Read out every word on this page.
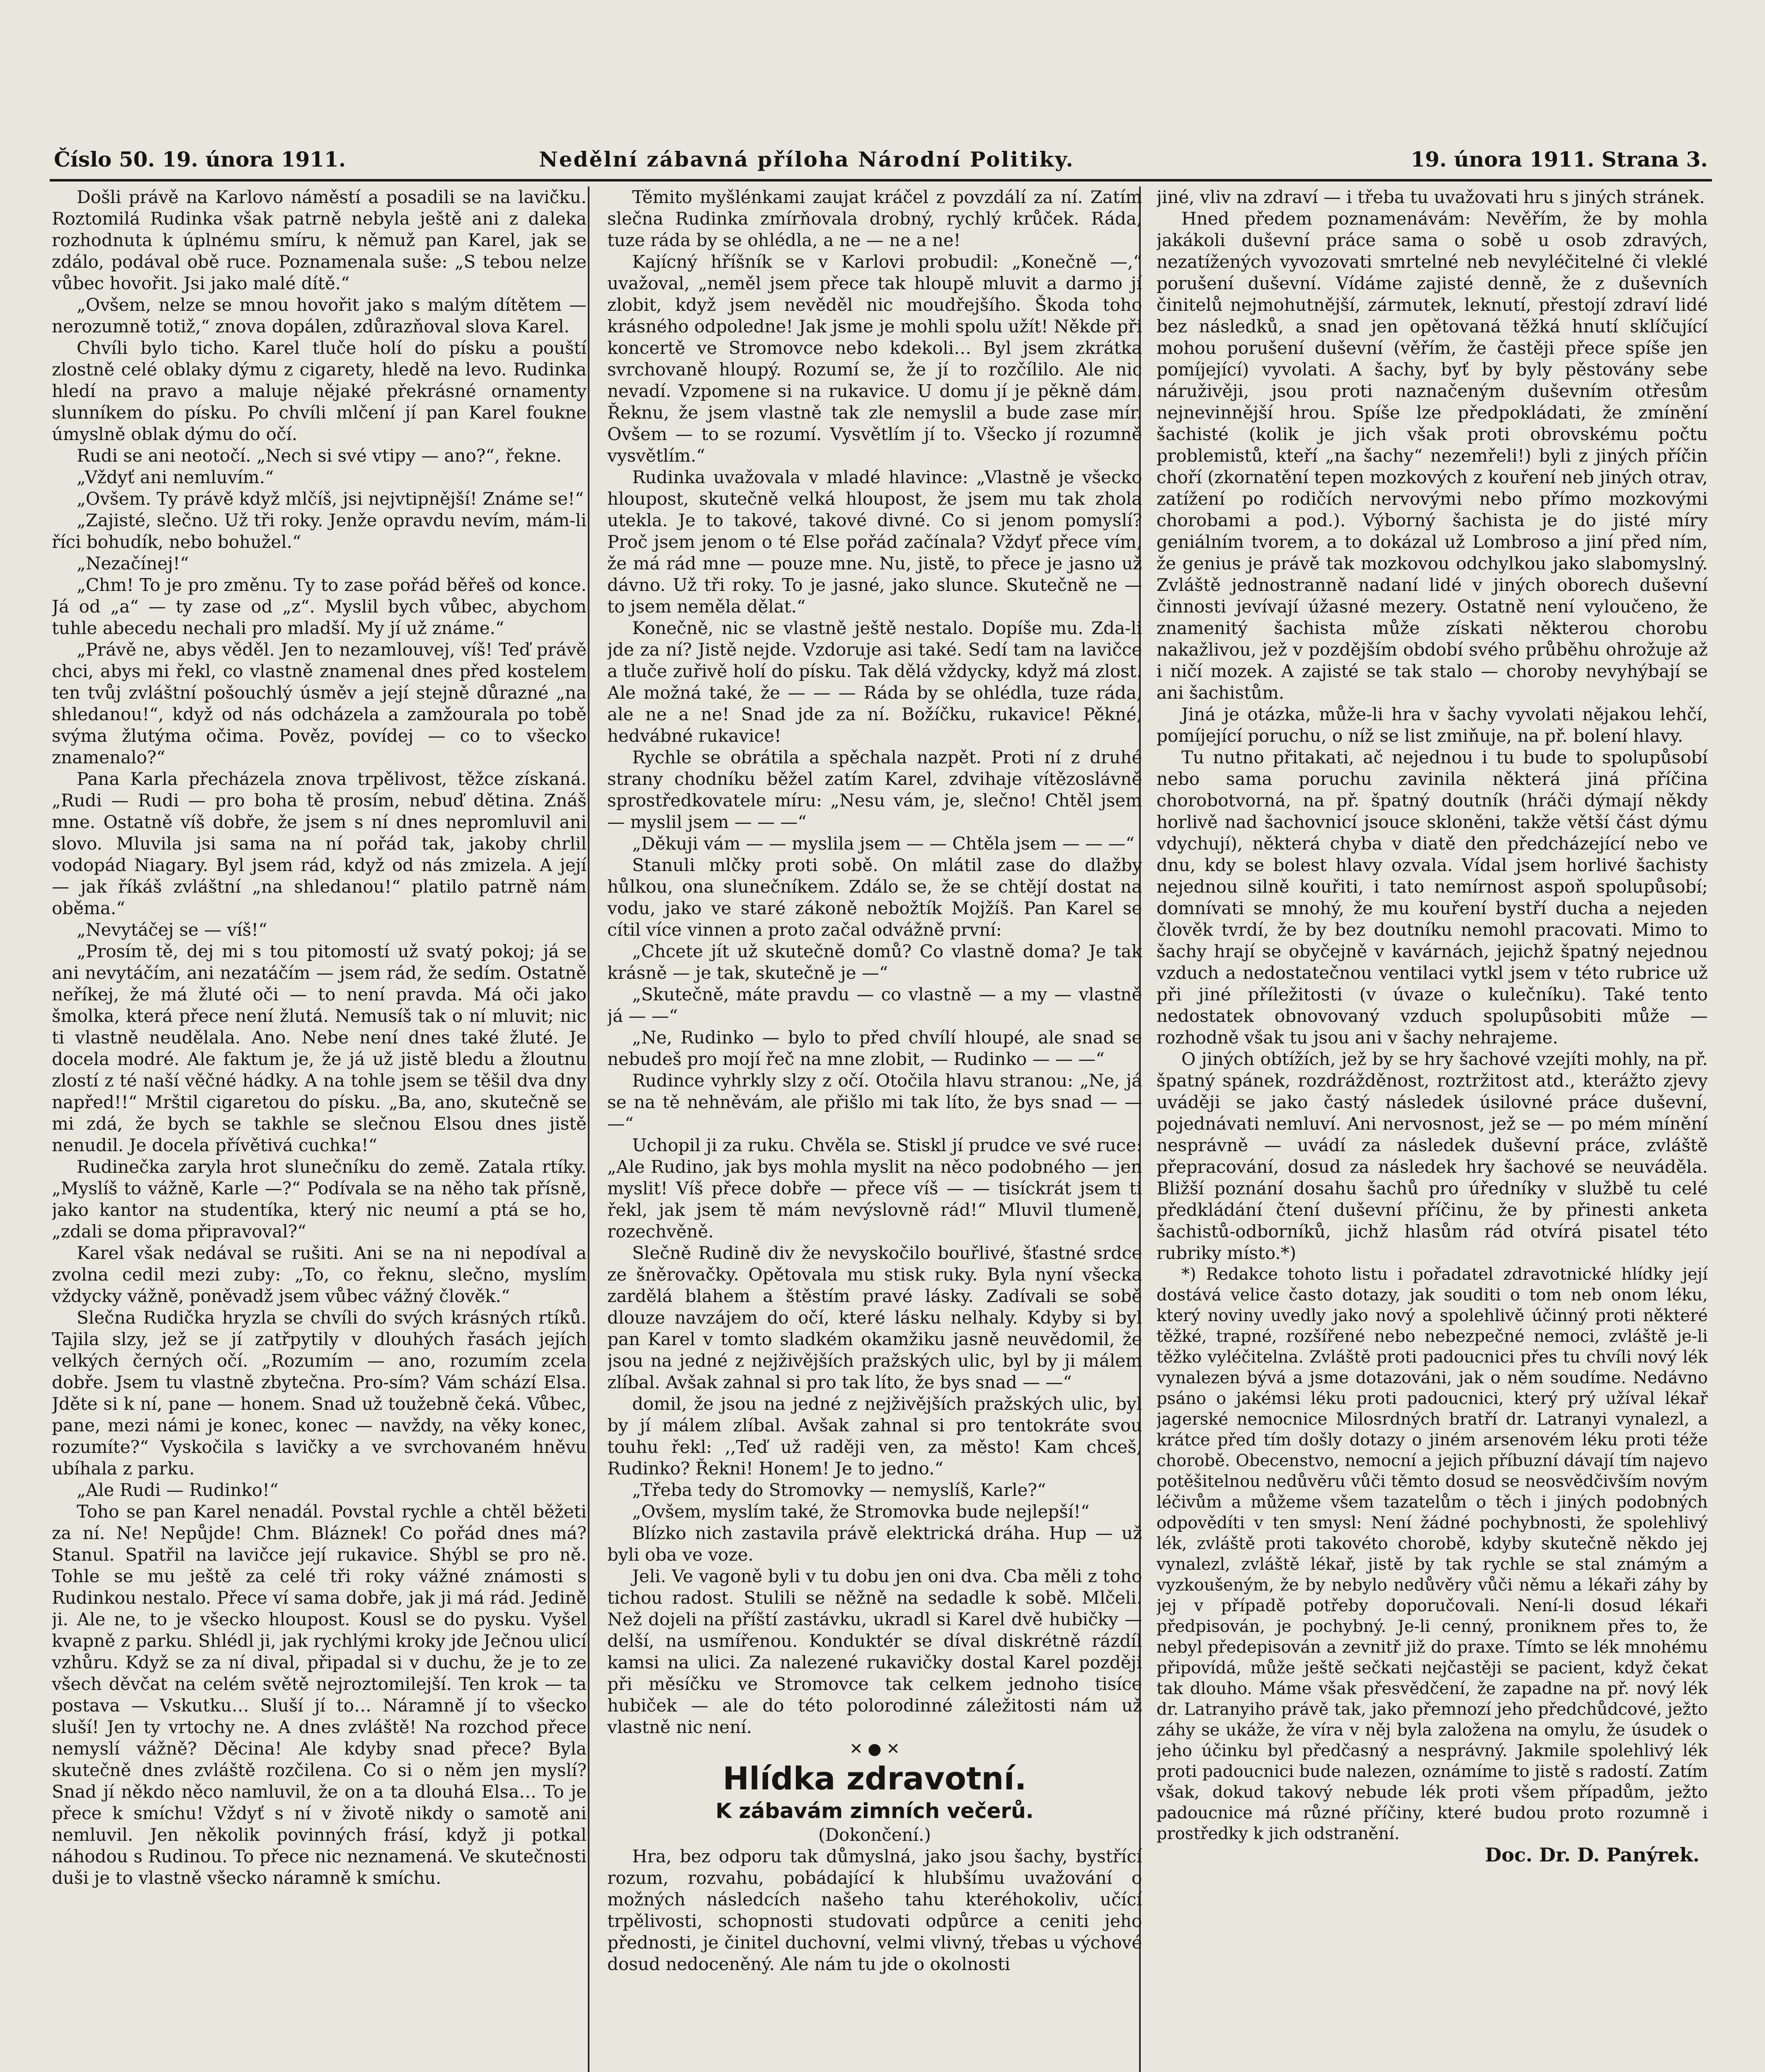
Číslo 50. 19. února 1911.	Nedělní zábavná příloha Národní Politiky.	19. února 1911. Strana 3.

Došli právě na Karlovo náměstí a posadili se na lavičku. Roztomilá Rudinka však patrně nebyla ještě ani z daleka rozhodnuta k úplnému smíru, k němuž pan Karel, jak se zdálo, podával obě ruce. Poznamenala suše: „S tebou nelze vůbec hovořit. Jsi jako malé dítě.“

„Ovšem, nelze se mnou hovořit jako s malým dítětem — nerozumně totiž,“ znova dopálen, zdůrazňoval slova Karel.

Chvíli bylo ticho. Karel tluče holí do písku a pouští zlostně celé oblaky dýmu z cigarety, hledě na levo. Rudinka hledí na pravo a maluje nějaké překrásné ornamenty slunníkem do písku. Po chvíli mlčení jí pan Karel foukne úmyslně oblak dýmu do očí.

Rudi se ani neotočí. „Nech si své vtipy — ano?“, řekne.

„Vždyť ani nemluvím.“

„Ovšem. Ty právě když mlčíš, jsi nejvtipnější! Známe se!“

„Zajisté, slečno. Už tři roky. Jenže opravdu nevím, mám-li říci bohudík, nebo bohužel.“

„Nezačínej!“

„Chm! To je pro změnu. Ty to zase pořád běřeš od konce. Já od „a“ — ty zase od „z“. Myslil bych vůbec, abychom tuhle abecedu nechali pro mladší. My jí už známe.“

„Právě ne, abys věděl. Jen to nezamlouvej, víš! Teď právě chci, abys mi řekl, co vlastně znamenal dnes před kostelem ten tvůj zvláštní pošouchlý úsměv a její stejně důrazné „na shledanou!“, když od nás odcházela a zamžourala po tobě svýma žlutýma očima. Pověz, povídej — co to všecko znamenalo?“

Pana Karla přecházela znova trpělivost, těžce získaná. „Rudi — Rudi — pro boha tě prosím, nebuď dětina. Znáš mne. Ostatně víš dobře, že jsem s ní dnes nepromluvil ani slovo. Mluvila jsi sama na ní pořád tak, jakoby chrlil vodopád Niagary. Byl jsem rád, když od nás zmizela. A její — jak říkáš zvláštní „na shledanou!“ platilo patrně nám oběma.“

„Nevytáčej se — víš!“

„Prosím tě, dej mi s tou pitomostí už svatý pokoj; já se ani nevytáčím, ani nezatáčím — jsem rád, že sedím. Ostatně neříkej, že má žluté oči — to není pravda. Má oči jako šmolka, která přece není žlutá. Nemusíš tak o ní mluvit; nic ti vlastně neudělala. Ano. Nebe není dnes také žluté. Je docela modré. Ale faktum je, že já už jistě bledu a žloutnu zlostí z té naší věčné hádky. A na tohle jsem se těšil dva dny napřed!!“ Mrštil cigaretou do písku. „Ba, ano, skutečně se mi zdá, že bych se takhle se slečnou Elsou dnes jistě nenudil. Je docela přívětivá cuchka!“

Rudinečka zaryla hrot slunečníku do země. Zatala rtíky. „Myslíš to vážně, Karle —?“ Podívala se na něho tak přísně, jako kantor na studentíka, který nic neumí a ptá se ho, „zdali se doma připravoval?“

Karel však nedával se rušiti. Ani se na ni nepodíval a zvolna cedil mezi zuby: „To, co řeknu, slečno, myslím vždycky vážně, poněvadž jsem vůbec vážný člověk.“

Slečna Rudička hryzla se chvíli do svých krásných rtíků. Tajila slzy, jež se jí zatřpytily v dlouhých řasách jejích velkých černých očí. „Rozumím — ano, rozumím zcela dobře. Jsem tu vlastně zbytečna. Pro-sím? Vám schází Elsa. Jděte si k ní, pane — honem. Snad už toužebně čeká. Vůbec, pane, mezi námi je konec, konec — navždy, na věky konec, rozumíte?“ Vyskočila s lavičky a ve svrchovaném hněvu ubíhala z parku.

„Ale Rudi — Rudinko!“

Toho se pan Karel nenadál. Povstal rychle a chtěl běžeti za ní. Ne! Nepůjde! Chm. Bláznek! Co pořád dnes má? Stanul. Spatřil na lavičce její rukavice. Shýbl se pro ně. Tohle se mu ještě za celé tři roky vážné známosti s Rudinkou nestalo. Přece ví sama dobře, jak ji má rád. Jedině ji. Ale ne, to je všecko hloupost. Kousl se do pysku. Vyšel kvapně z parku. Shlédl ji, jak rychlými kroky jde Ječnou ulicí vzhůru. Když se za ní dival, připadal si v duchu, že je to ze všech děvčat na celém světě nejroztomilejší. Ten krok — ta postava — Vskutku… Sluší jí to… Náramně jí to všecko sluší! Jen ty vrtochy ne. A dnes zvláště! Na rozchod přece nemyslí vážně? Děcina! Ale kdyby snad přece? Byla skutečně dnes zvláště rozčilena. Co si o něm jen myslí? Snad jí někdo něco namluvil, že on a ta dlouhá Elsa… To je přece k smíchu! Vždyť s ní v životě nikdy o samotě ani nemluvil. Jen několik povinných frásí, když ji potkal náhodou s Rudinou. To přece nic neznamená. Ve skutečnosti duši je to vlastně všecko náramně k smíchu.

Těmito myšlénkami zaujat kráčel z povzdálí za ní. Zatím slečna Rudinka zmírňovala drobný, rychlý krůček. Ráda, tuze ráda by se ohlédla, a ne — ne a ne!

Kajícný hříšník se v Karlovi probudil: „Konečně —,“ uvažoval, „neměl jsem přece tak hloupě mluvit a darmo jí zlobit, když jsem nevěděl nic moudřejšího. Škoda toho krásného odpoledne! Jak jsme je mohli spolu užít! Někde při koncertě ve Stromovce nebo kdekoli… Byl jsem zkrátka svrchovaně hloupý. Rozumí se, že jí to rozčílilo. Ale nic nevadí. Vzpomene si na rukavice. U domu jí je pěkně dám. Řeknu, že jsem vlastně tak zle nemyslil a bude zase mír. Ovšem — to se rozumí. Vysvětlím jí to. Všecko jí rozumně vysvětlím.“

Rudinka uvažovala v mladé hlavince: „Vlastně je všecko hloupost, skutečně velká hloupost, že jsem mu tak zhola utekla. Je to takové, takové divné. Co si jenom pomyslí? Proč jsem jenom o té Else pořád začínala? Vždyť přece vím, že má rád mne — pouze mne. Nu, jistě, to přece je jasno už dávno. Už tři roky. To je jasné, jako slunce. Skutečně ne — to jsem neměla dělat.“

Konečně, nic se vlastně ještě nestalo. Dopíše mu. Zda-li jde za ní? Jistě nejde. Vzdoruje asi také. Sedí tam na lavičce a tluče zuřivě holí do písku. Tak dělá vždycky, když má zlost. Ale možná také, že — — — Ráda by se ohlédla, tuze ráda, ale ne a ne! Snad jde za ní. Božíčku, rukavice! Pěkné, hedvábné rukavice!

Rychle se obrátila a spěchala nazpět. Proti ní z druhé strany chodníku běžel zatím Karel, zdvihaje vítězoslávně sprostředkovatele míru: „Nesu vám, je, slečno! Chtěl jsem — myslil jsem — — —“

„Děkuji vám — — myslila jsem — — Chtěla jsem — — —“

Stanuli mlčky proti sobě. On mlátil zase do dlažby hůlkou, ona slunečníkem. Zdálo se, že se chtějí dostat na vodu, jako ve staré zákoně nebožtík Mojžíš. Pan Karel se cítil více vinnen a proto začal odvážně první:

„Chcete jít už skutečně domů? Co vlastně doma? Je tak krásně — je tak, skutečně je —“

„Skutečně, máte pravdu — co vlastně — a my — vlastně já — —“

„Ne, Rudinko — bylo to před chvílí hloupé, ale snad se nebudeš pro mojí řeč na mne zlobit, — Rudinko — — —“

Rudince vyhrkly slzy z očí. Otočila hlavu stranou: „Ne, já se na tě nehněvám, ale přišlo mi tak líto, že bys snad — — —“

Uchopil ji za ruku. Chvěla se. Stiskl jí prudce ve své ruce: „Ale Rudino, jak bys mohla myslit na něco podobného — jen myslit! Víš přece dobře — přece víš — — tisíckrát jsem ti řekl, jak jsem tě mám nevýslovně rád!“ Mluvil tlumeně, rozechvěně.

Slečně Rudině div že nevyskočilo bouřlivé, šťastné srdce ze šněrovačky. Opětovala mu stisk ruky. Byla nyní všecka zardělá blahem a štěstím pravé lásky. Zadívali se sobě dlouze navzájem do očí, které lásku nelhaly. Kdyby si byl pan Karel v tomto sladkém okamžiku jasně neuvědomil, že jsou na jedné z nejživějších pražských ulic, byl by ji málem zlíbal. Avšak zahnal si pro tak líto, že bys snad — —“

domil, že jsou na jedné z nejživějších pražských ulic, byl by jí málem zlíbal. Avšak zahnal si pro tentokráte svou touhu řekl: ,,Teď už raději ven, za město! Kam chceš, Rudinko? Řekni! Honem! Je to jedno.“

„Třeba tedy do Stromovky — nemyslíš, Karle?“

„Ovšem, myslím také, že Stromovka bude nejlepší!“

Blízko nich zastavila právě elektrická dráha. Hup — už byli oba ve voze.

Jeli. Ve vagoně byli v tu dobu jen oni dva. Cba měli z toho tichou radost. Stulili se něžně na sedadle k sobě. Mlčeli. Než dojeli na příští zastávku, ukradl si Karel dvě hubičky — delší, na usmířenou. Konduktér se díval diskrétně rázdíl kamsi na ulici. Za nalezené rukavičky dostal Karel později při měsíčku ve Stromovce tak celkem jednoho tisíce hubiček — ale do této polorodinné záležitosti nám už vlastně nic není.

✕ ● ✕

Hlídka zdravotní.

K zábavám zimních večerů.

(Dokončení.)

Hra, bez odporu tak důmyslná, jako jsou šachy, bystřící rozum, rozvahu, pobádající k hlubšímu uvažování o možných následcích našeho tahu kteréhokoliv, učící trpělivosti, schopnosti studovati odpůrce a ceniti jeho přednosti, je činitel duchovní, velmi vlivný, třebas u výchové dosud nedoceněný. Ale nám tu jde o okolnosti

jiné, vliv na zdraví — i třeba tu uvažovati hru s jiných stránek.

Hned předem poznamenávám: Nevěřím, že by mohla jakákoli duševní práce sama o sobě u osob zdravých, nezatížených vyvozovati smrtelné neb nevyléčitelné či vleklé porušení duševní. Vídáme zajisté denně, že z duševních činitelů nejmohutnější, zármutek, leknutí, přestojí zdraví lidé bez následků, a snad jen opětovaná těžká hnutí sklíčující mohou porušení duševní (věřím, že častěji přece spíše jen pomíjející) vyvolati. A šachy, byť by byly pěstovány sebe náruživěji, jsou proti naznačeným duševním otřesům nejnevinnější hrou. Spíše lze předpokládati, že zmínění šachisté (kolik je jich však proti obrovskému počtu problemistů, kteří „na šachy“ nezemřeli!) byli z jiných příčin choří (zkornatění tepen mozkových z kouření neb jiných otrav, zatížení po rodičích nervovými nebo přímo mozkovými chorobami a pod.). Výborný šachista je do jisté míry geniálním tvorem, a to dokázal už Lombroso a jiní před ním, že genius je právě tak mozkovou odchylkou jako slabomyslný. Zvláště jednostranně nadaní lidé v jiných oborech duševní činnosti jevívají úžasné mezery. Ostatně není vyloučeno, že znamenitý šachista může získati některou chorobu nakažlivou, jež v pozdějším období svého průběhu ohrožuje až i ničí mozek. A zajisté se tak stalo — choroby nevyhýbají se ani šachistům.

Jiná je otázka, může-li hra v šachy vyvolati nějakou lehčí, pomíjející poruchu, o níž se list zmiňuje, na př. bolení hlavy.

Tu nutno přitakati, ač nejednou i tu bude to spolupůsobí nebo sama poruchu zavinila některá jiná příčina chorobotvorná, na př. špatný doutník (hráči dýmají někdy horlivě nad šachovnicí jsouce skloněni, takže větší část dýmu vdychují), některá chyba v diatě den předcházející nebo ve dnu, kdy se bolest hlavy ozvala. Vídal jsem horlivé šachisty nejednou silně kouřiti, i tato nemírnost aspoň spolupůsobí; domnívati se mnohý, že mu kouření bystří ducha a nejeden člověk tvrdí, že by bez doutníku nemohl pracovati. Mimo to šachy hrají se obyčejně v kavárnách, jejichž špatný nejednou vzduch a nedostatečnou ventilaci vytkl jsem v této rubrice už při jiné příležitosti (v úvaze o kulečníku). Také tento nedostatek obnovovaný vzduch spolupůsobiti může — rozhodně však tu jsou ani v šachy nehrajeme.

O jiných obtížích, jež by se hry šachové vzejíti mohly, na př. špatný spánek, rozdrážděnost, roztržitost atd., kterážto zjevy uváději se jako častý následek úsilovné práce duševní, pojednávati nemluví. Ani nervosnost, jež se — po mém mínění nesprávně — uvádí za následek duševní práce, zvláště přepracování, dosud za následek hry šachové se neuváděla. Bližší poznání dosahu šachů pro úředníky v službě tu celé předkládání čtení duševní příčinu, že by přinesti anketa šachistů-odborníků, jichž hlasům rád otvírá pisatel této rubriky místo.*)

*) Redakce tohoto listu i pořadatel zdravotnické hlídky její dostává velice často dotazy, jak souditi o tom neb onom léku, který noviny uvedly jako nový a spolehlivě účinný proti některé těžké, trapné, rozšířené nebo nebezpečné nemoci, zvláště je-li těžko vyléčitelna. Zvláště proti padoucnici přes tu chvíli nový lék vynalezen bývá a jsme dotazováni, jak o něm soudíme. Nedávno psáno o jakémsi léku proti padoucnici, který prý užíval lékař jagerské nemocnice Milosrdných bratří dr. Latranyi vynalezl, a krátce před tím došly dotazy o jiném arsenovém léku proti téže chorobě. Obecenstvo, nemocní a jejich příbuzní dávají tím najevo potěšitelnou nedůvěru vůči těmto dosud se neosvědčivším novým léčivům a můžeme všem tazatelům o těch i jiných podobných odpovědíti v ten smysl: Není žádné pochybnosti, že spolehlivý lék, zvláště proti takovéto chorobě, kdyby skutečně někdo jej vynalezl, zvláště lékař, jistě by tak rychle se stal známým a vyzkoušeným, že by nebylo nedůvěry vůči němu a lékaři záhy by jej v případě potřeby doporučovali. Není-li dosud lékaři předpisován, je pochybný. Je-li cenný, proniknem přes to, že nebyl předepisován a zevnitř již do praxe. Tímto se lék mnohému připovídá, může ještě sečkati nejčastěji se pacient, když čekat tak dlouho. Máme však přesvědčení, že zapadne na př. nový lék dr. Latranyiho právě tak, jako přemnozí jeho předchůdcové, ježto záhy se ukáže, že víra v něj byla založena na omylu, že úsudek o jeho účinku byl předčasný a nesprávný. Jakmile spolehlivý lék proti padoucnici bude nalezen, oznámíme to jistě s radostí. Zatím však, dokud takový nebude lék proti všem případům, ježto padoucnice má různé příčiny, které budou proto rozumně i prostředky k jich odstranění.

Doc. Dr. D. Panýrek.
